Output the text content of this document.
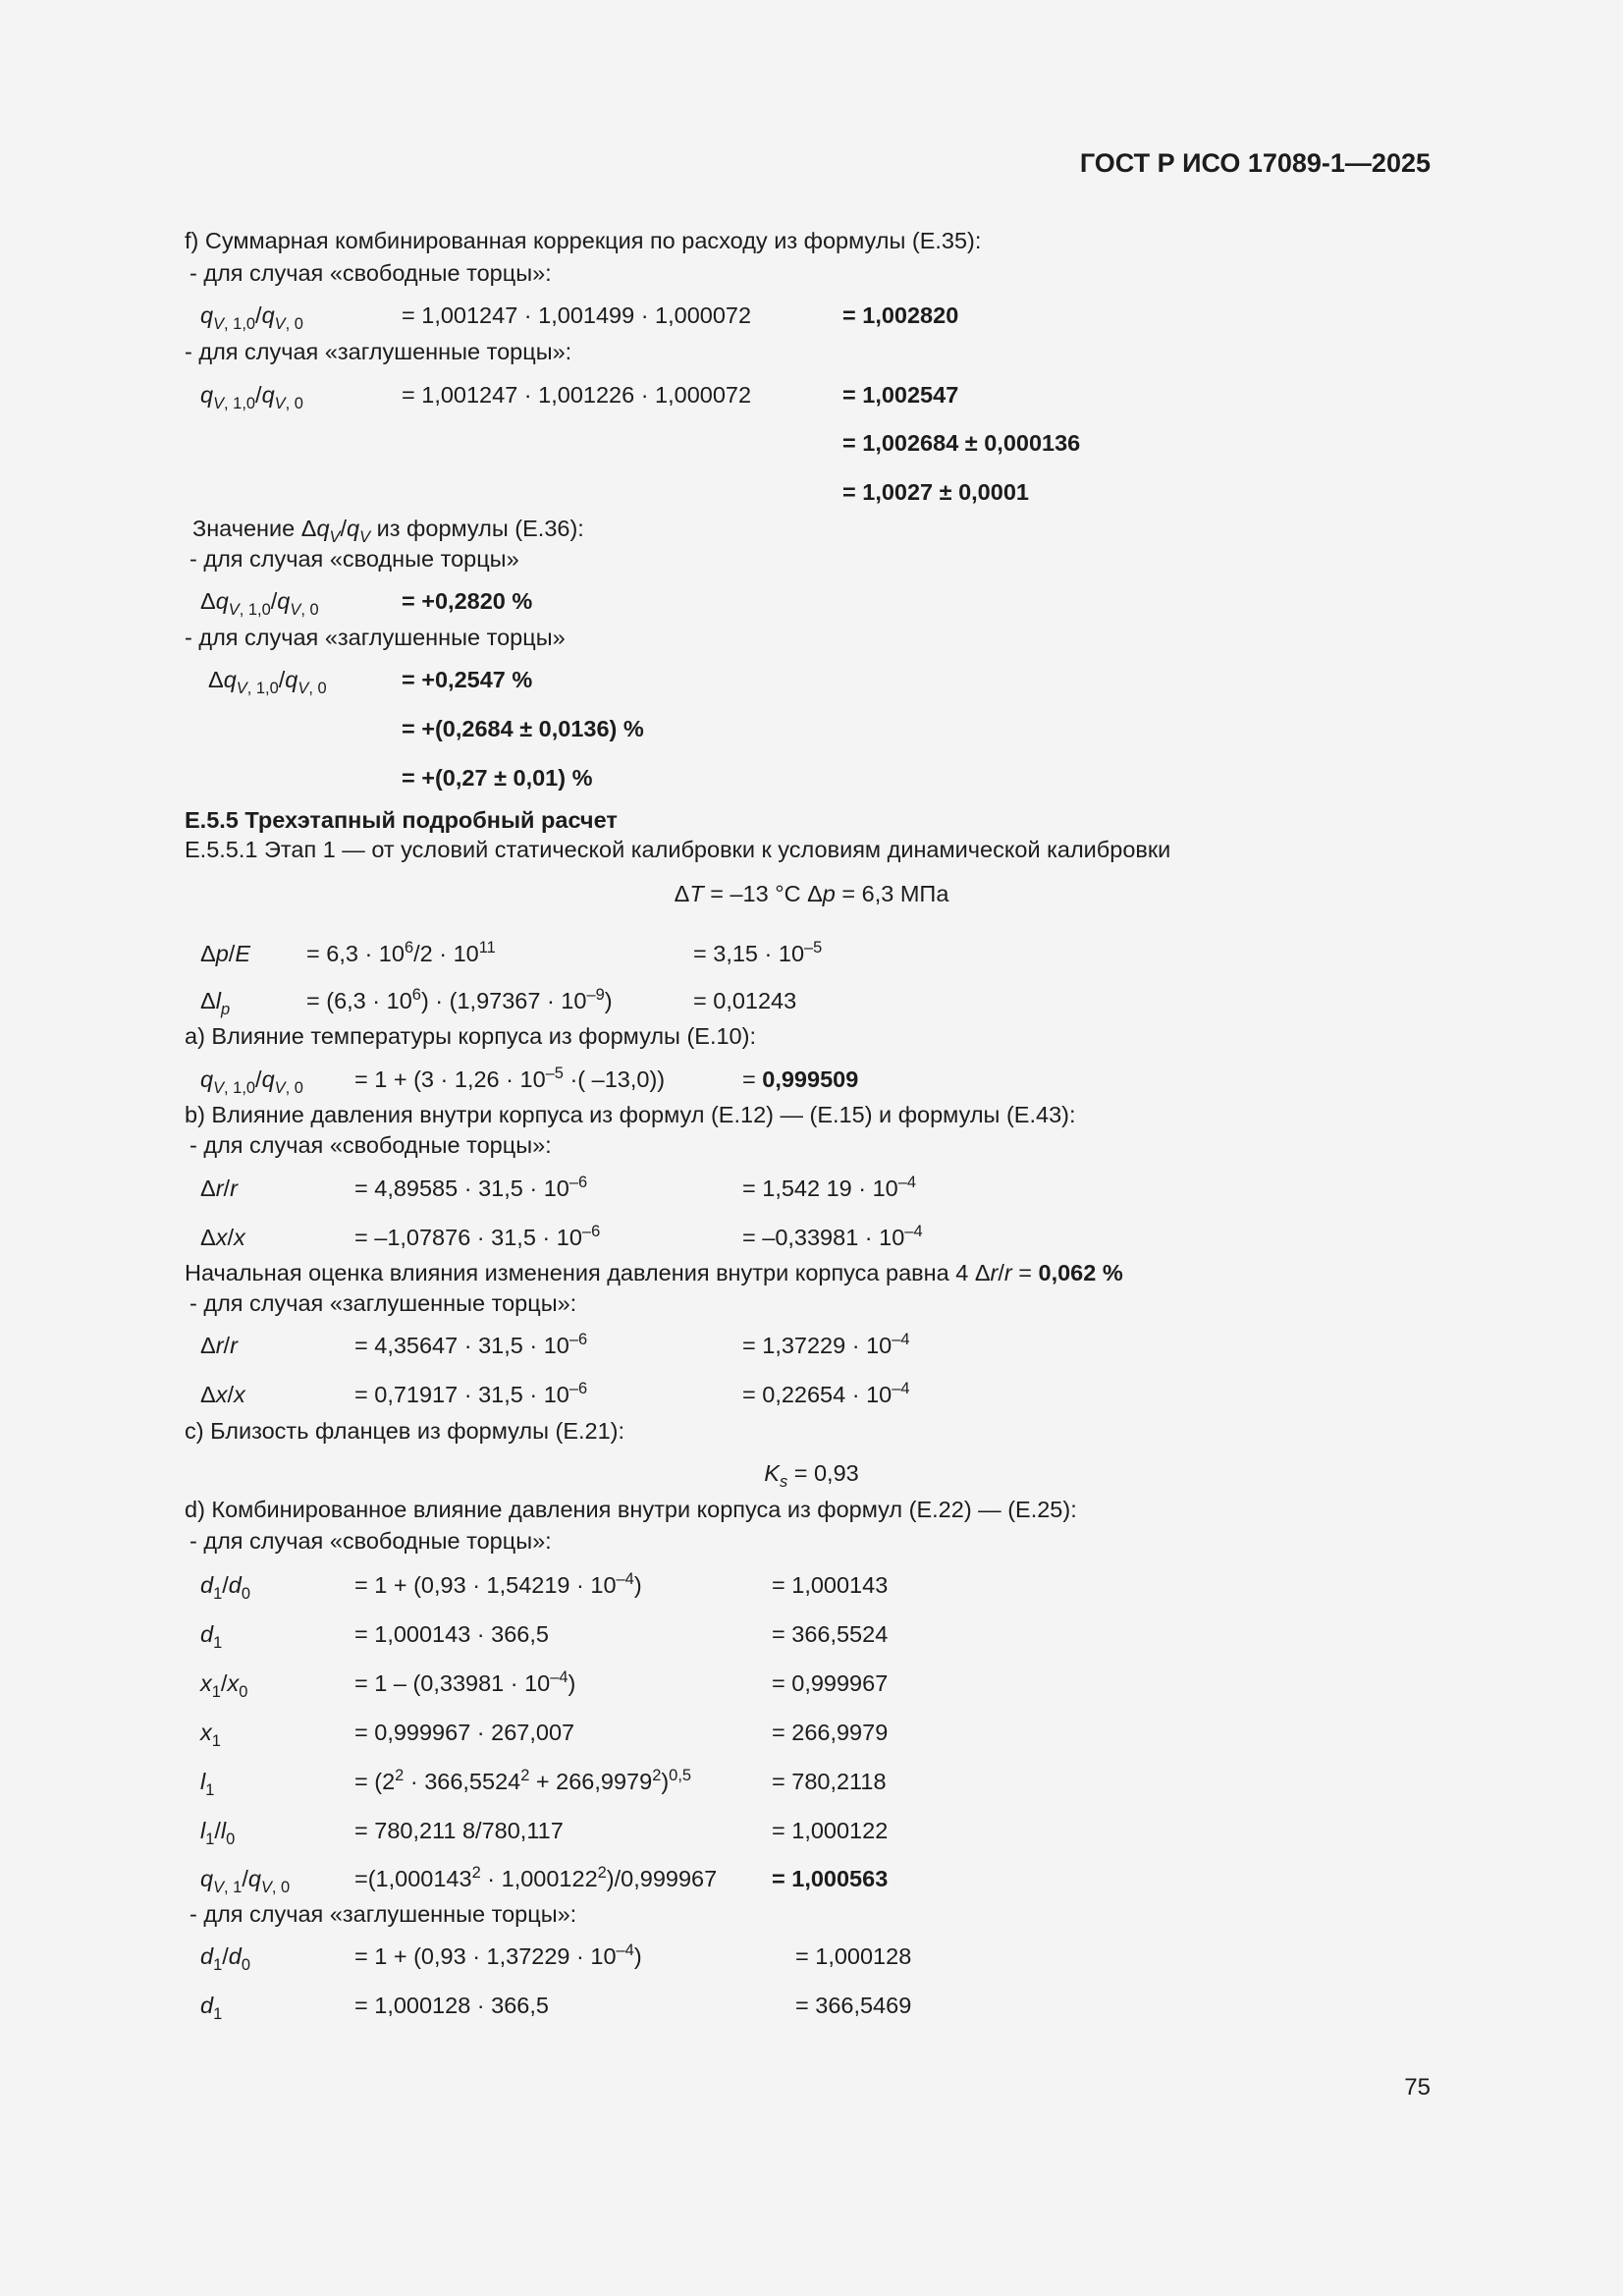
ГОСТ Р ИСО 17089-1—2025
f) Суммарная комбинированная коррекция по расходу из формулы (Е.35):
- для случая «свободные торцы»:
$q_{V, 1,0}/q_{V, 0}$	= 1,001247 · 1,001499 · 1,000072	= 1,002820
- для случая «заглушенные торцы»:
$q_{V, 1,0}/q_{V, 0}$	= 1,001247 · 1,001226 · 1,000072	= 1,002547
= 1,002684 ± 0,000136
= 1,0027 ± 0,0001
Значение $\Delta q_V/q_V$ из формулы (Е.36):
- для случая «сводные торцы»
$\Delta q_{V, 1,0}/q_{V, 0}$	= +0,2820 %
- для случая «заглушенные торцы»
$\Delta q_{V, 1,0}/q_{V, 0}$	= +0,2547 %
= +(0,2684 ± 0,0136) %
= +(0,27 ± 0,01) %
Е.5.5 Трехэтапный подробный расчет
Е.5.5.1 Этап 1 — от условий статической калибровки к условиям динамической калибровки
ΔT = –13 °С Δp = 6,3 МПа
$\Delta p/E = 6,3 \cdot 10^6/2 \cdot 10^{11}$	= $3,15 \cdot 10^{-5}$
$\Delta l_p$	= $(6,3 \cdot 10^6) \cdot (1,97367 \cdot 10^{-9})$	= 0,01243
а) Влияние температуры корпуса из формулы (Е.10):
$q_{V, 1,0}/q_{V, 0} = 1 + (3 \cdot 1,26 \cdot 10^{-5}$ ·( –13,0))	= 0,999509
b) Влияние давления внутри корпуса из формул (Е.12) — (Е.15) и формулы (Е.43):
- для случая «свободные торцы»:
Δr/r	= $4,89585 \cdot 31,5 \cdot 10^{-6}$	= 1,542 $19 \cdot 10^{-4}$
Δx/x	= $-1,07876 \cdot 31,5 \cdot 10^{-6}$	= $-0,33981 \cdot 10^{-4}$
Начальная оценка влияния изменения давления внутри корпуса равна 4 Δr/r = 0,062 %
- для случая «заглушенные торцы»:
Δr/r	= $4,35647 \cdot 31,5 \cdot 10^{-6}$	= $1,37229 \cdot 10^{-4}$
Δx/x	= $0,71917 \cdot 31,5 \cdot 10^{-6}$	= $0,22654 \cdot 10^{-4}$
с) Близость фланцев из формулы (Е.21):
$K_s = 0,93$
d) Комбинированное влияние давления внутри корпуса из формул (Е.22) — (Е.25):
- для случая «свободные торцы»:
$d_1/d_0$	= $1 + (0,93 \cdot 1,54219 \cdot 10^{-4})$	= 1,000143
$d_1$	= 1,000143 · 366,5	= 366,5524
$x_1/x_0$	= $1 - (0,33981 \cdot 10^{-4})$	= 0,999967
$x_1$	= 0,999967 · 267,007	= 266,9979
$l_1$	= $(2^2 \cdot 366,5524^2 + 266,9979^2)^{0,5}$	= 780,2118
$l_1/l_0$	= 780,211 8/780,117	= 1,000122
$q_{V, 1}/q_{V, 0}$	$=(1,000143^2 \cdot 1,000122^2)/0,999967 = 1,000563$
- для случая «заглушенные торцы»:
$d_1/d_0$	= $1 + (0,93 \cdot 1,37229 \cdot 10^{-4})$	= 1,000128
$d_1$	= 1,000128 · 366,5	= 366,5469
75
